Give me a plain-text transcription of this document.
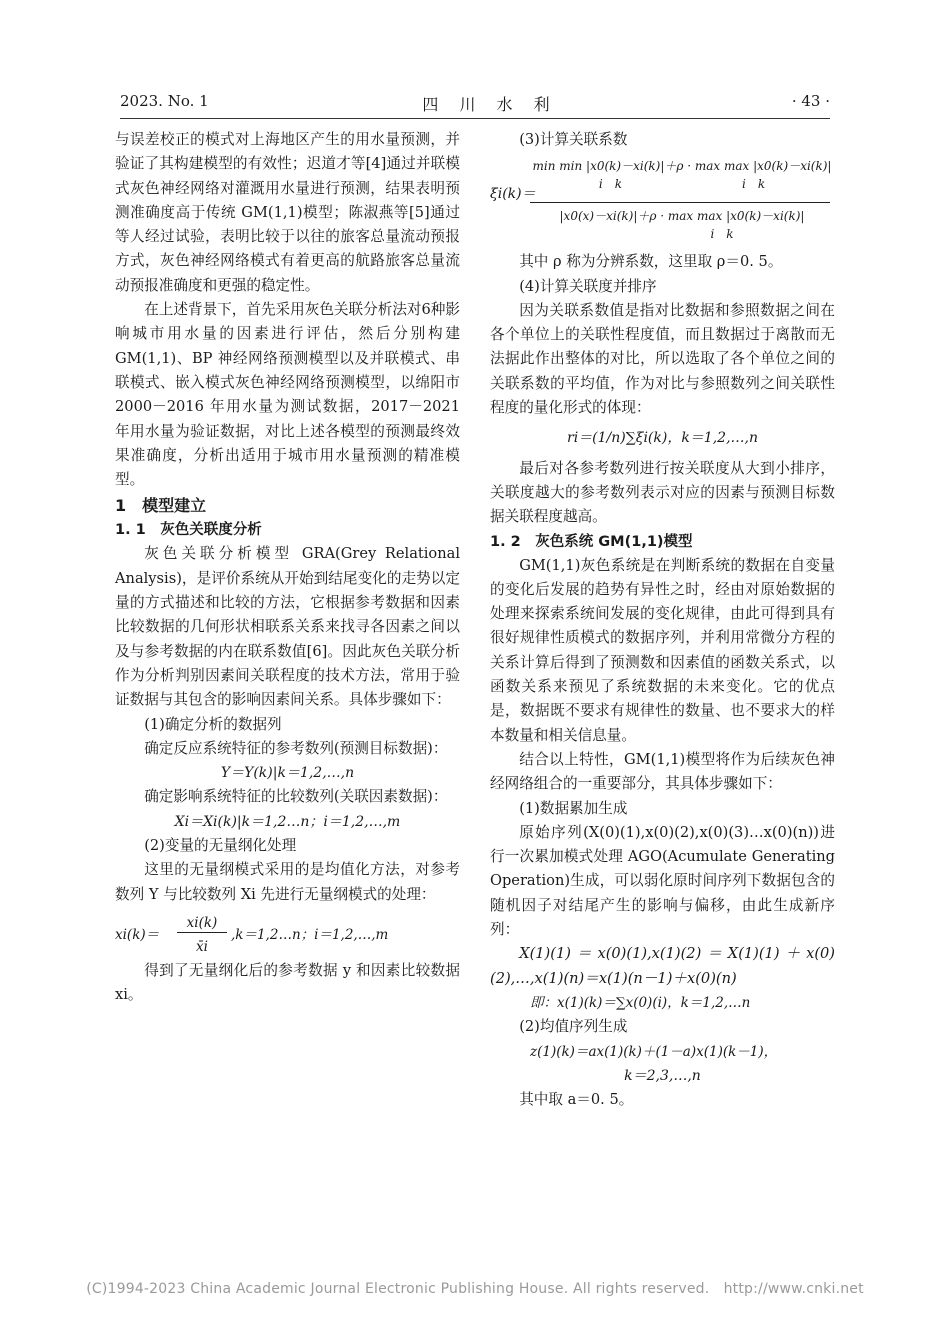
2023. No. 1	四 川 水 利	· 43 ·

与误差校正的模式对上海地区产生的用水量预测，并验证了其构建模型的有效性；迟道才等[4]通过并联模式灰色神经网络对灌溉用水量进行预测，结果表明预测准确度高于传统 GM(1,1)模型；陈淑燕等[5]通过等人经过试验，表明比较于以往的旅客总量流动预报方式，灰色神经网络模式有着更高的航路旅客总量流动预报准确度和更强的稳定性。

在上述背景下，首先采用灰色关联分析法对6种影响城市用水量的因素进行评估，然后分别构建 GM(1,1)、BP 神经网络预测模型以及并联模式、串联模式、嵌入模式灰色神经网络预测模型，以绵阳市 2000－2016 年用水量为测试数据，2017－2021 年用水量为验证数据，对比上述各模型的预测最终效果准确度，分析出适用于城市用水量预测的精准模型。

1　模型建立

1. 1　灰色关联度分析

灰色关联分析模型 GRA(Grey Relational Analysis)，是评价系统从开始到结尾变化的走势以定量的方式描述和比较的方法，它根据参考数据和因素比较数据的几何形状相联系关系来找寻各因素之间以及与参考数据的内在联系数值[6]。因此灰色关联分析作为分析判别因素间关联程度的技术方法，常用于验证数据与其包含的影响因素间关系。具体步骤如下：

(1)确定分析的数据列

确定反应系统特征的参考数列(预测目标数据)：

Y＝Y(k)|k＝1,2,…,n

确定影响系统特征的比较数列(关联因素数据)：

Xi＝Xi(k)|k＝1,2…n；i＝1,2,…,m

(2)变量的无量纲化处理

这里的无量纲模式采用的是均值化方法，对参考数列 Y 与比较数列 Xi 先进行无量纲模式的处理：

xi(k)＝
xi(k)
x̄i
,k＝1,2…n；i＝1,2,…,m

得到了无量纲化后的参考数据 y 和因素比较数据 xi。

(3)计算关联系数

ξi(k)＝
min min |x0(k)－xi(k)|＋ρ · max max |x0(k)－xi(k)|
i　k　　　　　　　　　　i　k
|x0(x)－xi(k)|＋ρ · max max |x0(k)－xi(k)|
i　k

其中 ρ 称为分辨系数，这里取 ρ＝0. 5。

(4)计算关联度并排序

因为关联系数值是指对比数据和参照数据之间在各个单位上的关联性程度值，而且数据过于离散而无法据此作出整体的对比，所以选取了各个单位之间的关联系数的平均值，作为对比与参照数列之间关联性程度的量化形式的体现：

ri＝(1/n)∑ξi(k)，k＝1,2,…,n

最后对各参考数列进行按关联度从大到小排序，关联度越大的参考数列表示对应的因素与预测目标数据关联程度越高。

1. 2　灰色系统 GM(1,1)模型

GM(1,1)灰色系统是在判断系统的数据在自变量的变化后发展的趋势有异性之时，经由对原始数据的处理来探索系统间发展的变化规律，由此可得到具有很好规律性质模式的数据序列，并利用常微分方程的关系计算后得到了预测数和因素值的函数关系式，以函数关系来预见了系统数据的未来变化。它的优点是，数据既不要求有规律性的数量、也不要求大的样本数量和相关信息量。

结合以上特性，GM(1,1)模型将作为后续灰色神经网络组合的一重要部分，其具体步骤如下：

(1)数据累加生成

原始序列(X(0)(1),x(0)(2),x(0)(3)…x(0)(n))进行一次累加模式处理 AGO(Acumulate Generating Operation)生成，可以弱化原时间序列下数据包含的随机因子对结尾产生的影响与偏移，由此生成新序列：

X(1)(1)＝x(0)(1),x(1)(2)＝X(1)(1)＋x(0)(2),…,x(1)(n)＝x(1)(n－1)＋x(0)(n)

即：x(1)(k)＝∑x(0)(i)，k＝1,2,…n

(2)均值序列生成

z(1)(k)＝ax(1)(k)＋(1－a)x(1)(k－1)，

k＝2,3,…,n

其中取 a＝0. 5。

(C)1994-2023 China Academic Journal Electronic Publishing House. All rights reserved.　http://www.cnki.net
